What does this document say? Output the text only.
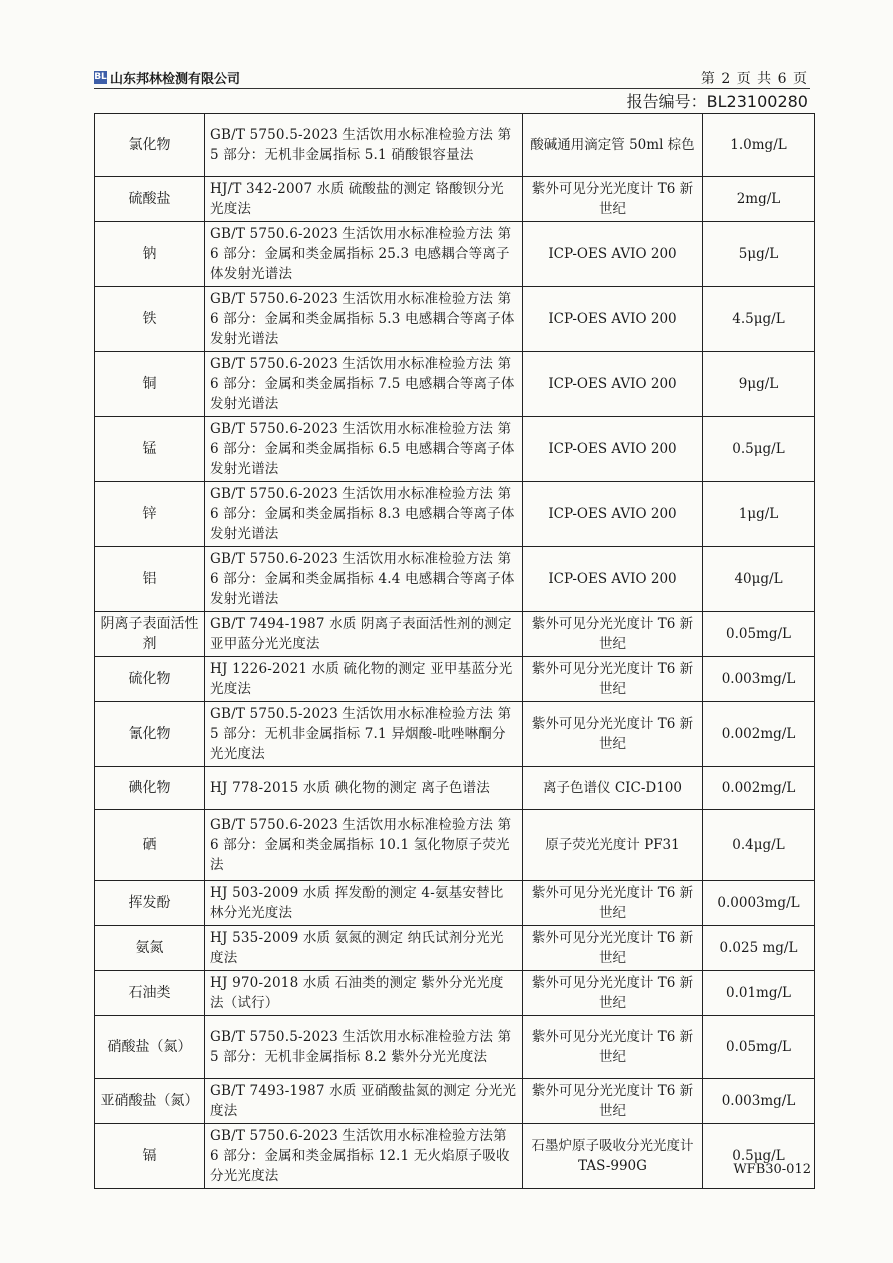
BL 山东邦林检测有限公司	第 2 页 共 6 页
报告编号：BL23100280
氯化物	GB/T 5750.5-2023 生活饮用水标准检验方法 第 5 部分：无机非金属指标 5.1 硝酸银容量法	酸碱通用滴定管 50ml 棕色	1.0mg/L
硫酸盐	HJ/T 342-2007 水质 硫酸盐的测定 铬酸钡分光光度法	紫外可见分光光度计 T6 新世纪	2mg/L
钠	GB/T 5750.6-2023 生活饮用水标准检验方法 第 6 部分：金属和类金属指标 25.3 电感耦合等离子体发射光谱法	ICP-OES AVIO 200	5μg/L
铁	GB/T 5750.6-2023 生活饮用水标准检验方法 第 6 部分：金属和类金属指标 5.3 电感耦合等离子体发射光谱法	ICP-OES AVIO 200	4.5μg/L
铜	GB/T 5750.6-2023 生活饮用水标准检验方法 第 6 部分：金属和类金属指标 7.5 电感耦合等离子体发射光谱法	ICP-OES AVIO 200	9μg/L
锰	GB/T 5750.6-2023 生活饮用水标准检验方法 第 6 部分：金属和类金属指标 6.5 电感耦合等离子体发射光谱法	ICP-OES AVIO 200	0.5μg/L
锌	GB/T 5750.6-2023 生活饮用水标准检验方法 第 6 部分：金属和类金属指标 8.3 电感耦合等离子体发射光谱法	ICP-OES AVIO 200	1μg/L
铝	GB/T 5750.6-2023 生活饮用水标准检验方法 第 6 部分：金属和类金属指标 4.4 电感耦合等离子体发射光谱法	ICP-OES AVIO 200	40μg/L
阴离子表面活性剂	GB/T 7494-1987 水质 阴离子表面活性剂的测定 亚甲蓝分光光度法	紫外可见分光光度计 T6 新世纪	0.05mg/L
硫化物	HJ 1226-2021 水质 硫化物的测定 亚甲基蓝分光光度法	紫外可见分光光度计 T6 新世纪	0.003mg/L
氰化物	GB/T 5750.5-2023 生活饮用水标准检验方法 第 5 部分：无机非金属指标 7.1 异烟酸-吡唑啉酮分光光度法	紫外可见分光光度计 T6 新世纪	0.002mg/L
碘化物	HJ 778-2015 水质 碘化物的测定 离子色谱法	离子色谱仪 CIC-D100	0.002mg/L
硒	GB/T 5750.6-2023 生活饮用水标准检验方法 第 6 部分：金属和类金属指标 10.1 氢化物原子荧光法	原子荧光光度计 PF31	0.4μg/L
挥发酚	HJ 503-2009 水质 挥发酚的测定 4-氨基安替比林分光光度法	紫外可见分光光度计 T6 新世纪	0.0003mg/L
氨氮	HJ 535-2009 水质 氨氮的测定 纳氏试剂分光光度法	紫外可见分光光度计 T6 新世纪	0.025 mg/L
石油类	HJ 970-2018 水质 石油类的测定 紫外分光光度法（试行）	紫外可见分光光度计 T6 新世纪	0.01mg/L
硝酸盐（氮）	GB/T 5750.5-2023 生活饮用水标准检验方法 第 5 部分：无机非金属指标 8.2 紫外分光光度法	紫外可见分光光度计 T6 新世纪	0.05mg/L
亚硝酸盐（氮）	GB/T 7493-1987 水质 亚硝酸盐氮的测定 分光光度法	紫外可见分光光度计 T6 新世纪	0.003mg/L
镉	GB/T 5750.6-2023 生活饮用水标准检验方法第 6 部分：金属和类金属指标 12.1 无火焰原子吸收分光光度法	石墨炉原子吸收分光光度计 TAS-990G	0.5μg/L
WFB30-012
